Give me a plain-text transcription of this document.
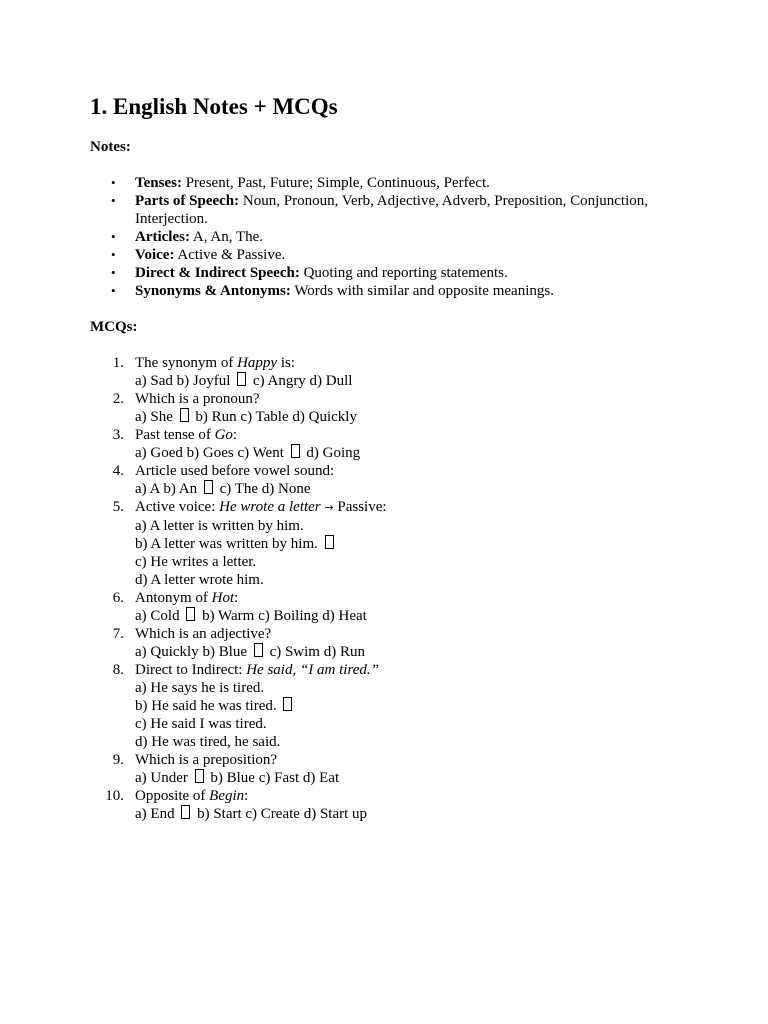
1. English Notes + MCQs

Notes:

• Tenses: Present, Past, Future; Simple, Continuous, Perfect.
• Parts of Speech: Noun, Pronoun, Verb, Adjective, Adverb, Preposition, Conjunction, Interjection.
• Articles: A, An, The.
• Voice: Active & Passive.
• Direct & Indirect Speech: Quoting and reporting statements.
• Synonyms & Antonyms: Words with similar and opposite meanings.

MCQs:

1. The synonym of Happy is:
a) Sad b) Joyful  c) Angry d) Dull
2. Which is a pronoun?
a) She  b) Run c) Table d) Quickly
3. Past tense of Go:
a) Goed b) Goes c) Went  d) Going
4. Article used before vowel sound:
a) A b) An  c) The d) None
5. Active voice: He wrote a letter → Passive:
a) A letter is written by him.
b) A letter was written by him.
c) He writes a letter.
d) A letter wrote him.
6. Antonym of Hot:
a) Cold  b) Warm c) Boiling d) Heat
7. Which is an adjective?
a) Quickly b) Blue  c) Swim d) Run
8. Direct to Indirect: He said, “I am tired.”
a) He says he is tired.
b) He said he was tired.
c) He said I was tired.
d) He was tired, he said.
9. Which is a preposition?
a) Under  b) Blue c) Fast d) Eat
10. Opposite of Begin:
a) End  b) Start c) Create d) Start up
